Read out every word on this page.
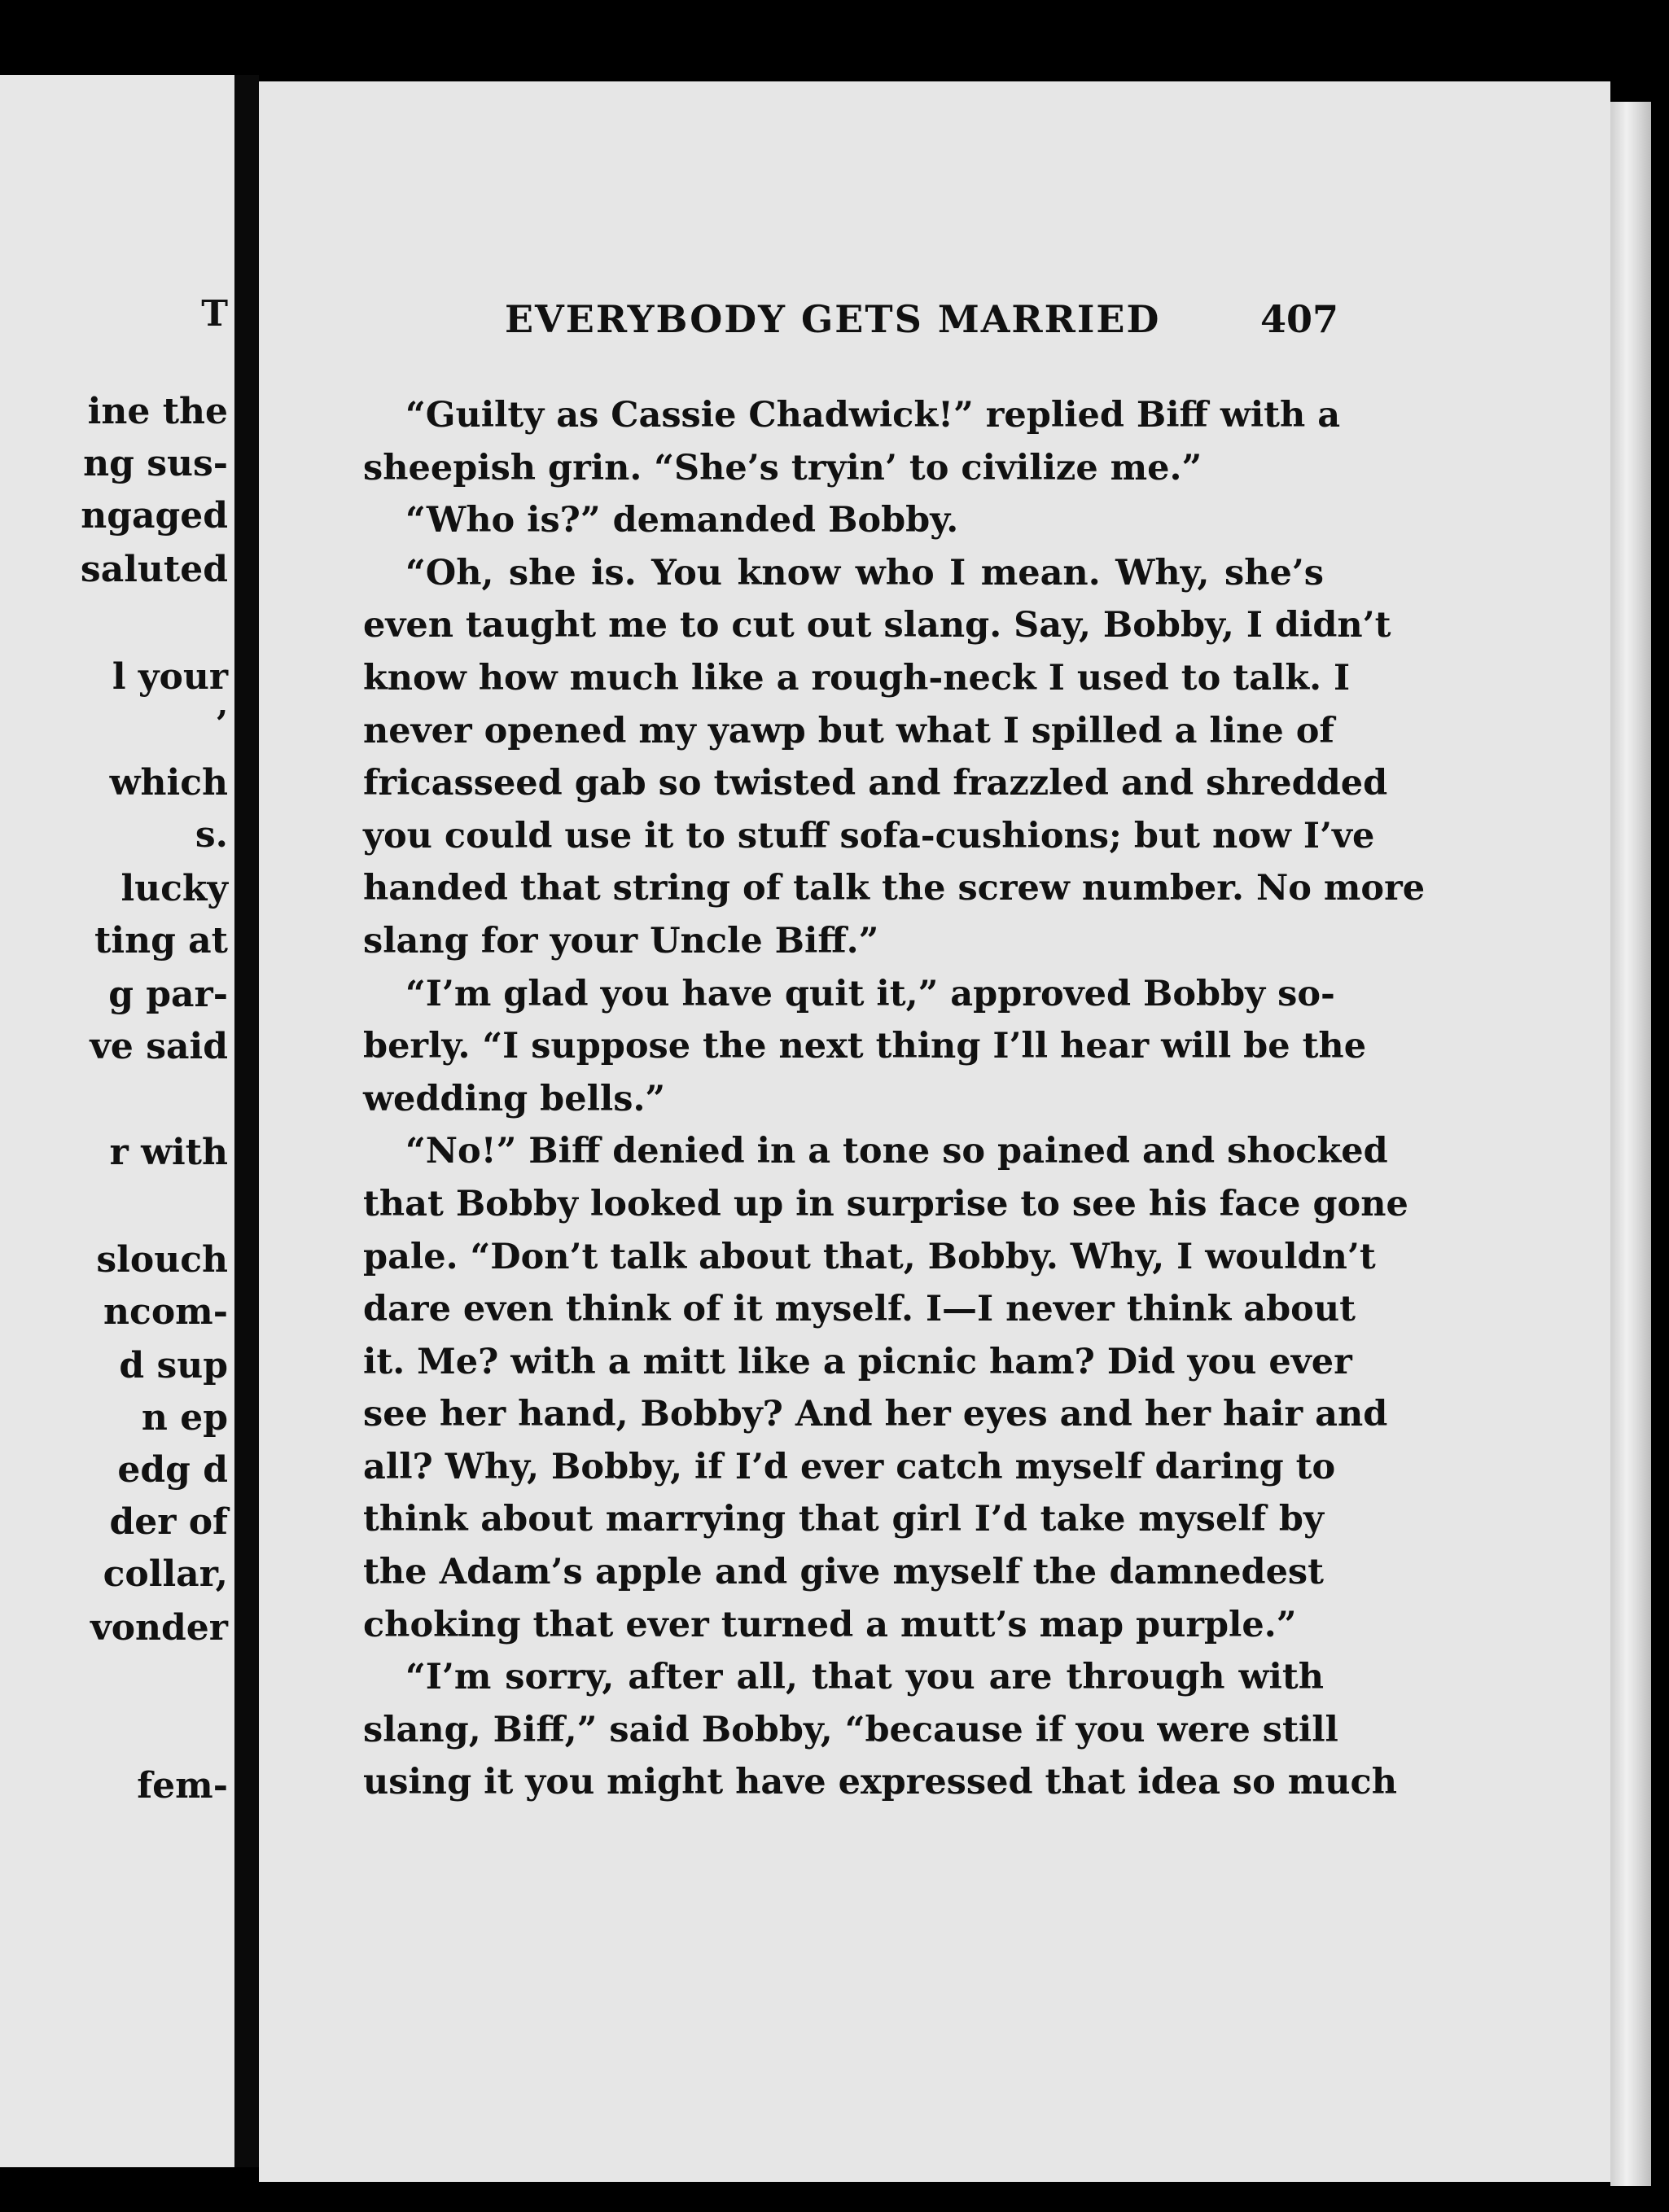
T
ine the
ng sus-
ngaged
saluted
l your
’
which
s.
lucky
ting at
g par-
ve said
r with
slouch
ncom-
d sup
n ep
edg d
der of
collar,
vonder
fem-
EVERYBODY GETS MARRIED	407
“Guilty as Cassie Chadwick!” replied Biff with a
sheepish grin. “She’s tryin’ to civilize me.”
“Who is?” demanded Bobby.
“Oh, she is. You know who I mean. Why, she’s
even taught me to cut out slang. Say, Bobby, I didn’t
know how much like a rough-neck I used to talk. I
never opened my yawp but what I spilled a line of
fricasseed gab so twisted and frazzled and shredded
you could use it to stuff sofa-cushions; but now I’ve
handed that string of talk the screw number. No more
slang for your Uncle Biff.”
“I’m glad you have quit it,” approved Bobby so-
berly. “I suppose the next thing I’ll hear will be the
wedding bells.”
“No!” Biff denied in a tone so pained and shocked
that Bobby looked up in surprise to see his face gone
pale. “Don’t talk about that, Bobby. Why, I wouldn’t
dare even think of it myself. I—I never think about
it. Me? with a mitt like a picnic ham? Did you ever
see her hand, Bobby? And her eyes and her hair and
all? Why, Bobby, if I’d ever catch myself daring to
think about marrying that girl I’d take myself by
the Adam’s apple and give myself the damnedest
choking that ever turned a mutt’s map purple.”
“I’m sorry, after all, that you are through with
slang, Biff,” said Bobby, “because if you were still
using it you might have expressed that idea so much
